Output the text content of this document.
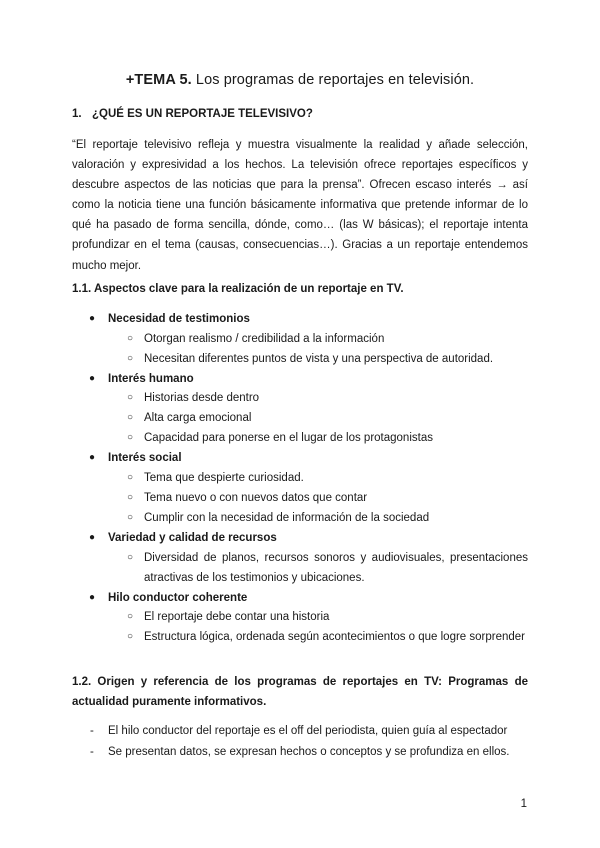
+TEMA 5. Los programas de reportajes en televisión.
1. ¿QUÉ ES UN REPORTAJE TELEVISIVO?

“El reportaje televisivo refleja y muestra visualmente la realidad y añade selección, valoración y expresividad a los hechos. La televisión ofrece reportajes específicos y descubre aspectos de las noticias que para la prensa”. Ofrecen escaso interés → así como la noticia tiene una función básicamente informativa que pretende informar de lo qué ha pasado de forma sencilla, dónde, como… (las W básicas); el reportaje intenta profundizar en el tema (causas, consecuencias…). Gracias a un reportaje entendemos mucho mejor.

1.1. Aspectos clave para la realización de un reportaje en TV.

● Necesidad de testimonios

○ Otorgan realismo / credibilidad a la información

○ Necesitan diferentes puntos de vista y una perspectiva de autoridad.

● Interés humano

○ Historias desde dentro

○ Alta carga emocional

○ Capacidad para ponerse en el lugar de los protagonistas

● Interés social

○ Tema que despierte curiosidad.

○ Tema nuevo o con nuevos datos que contar

○ Cumplir con la necesidad de información de la sociedad

● Variedad y calidad de recursos

○ Diversidad de planos, recursos sonoros y audiovisuales, presentaciones atractivas de los testimonios y ubicaciones.

● Hilo conductor coherente

○ El reportaje debe contar una historia

○ Estructura lógica, ordenada según acontecimientos o que logre sorprender

1.2. Origen y referencia de los programas de reportajes en TV: Programas de actualidad puramente informativos.

- El hilo conductor del reportaje es el off del periodista, quien guía al espectador
- Se presentan datos, se expresan hechos o conceptos y se profundiza en ellos.
1
